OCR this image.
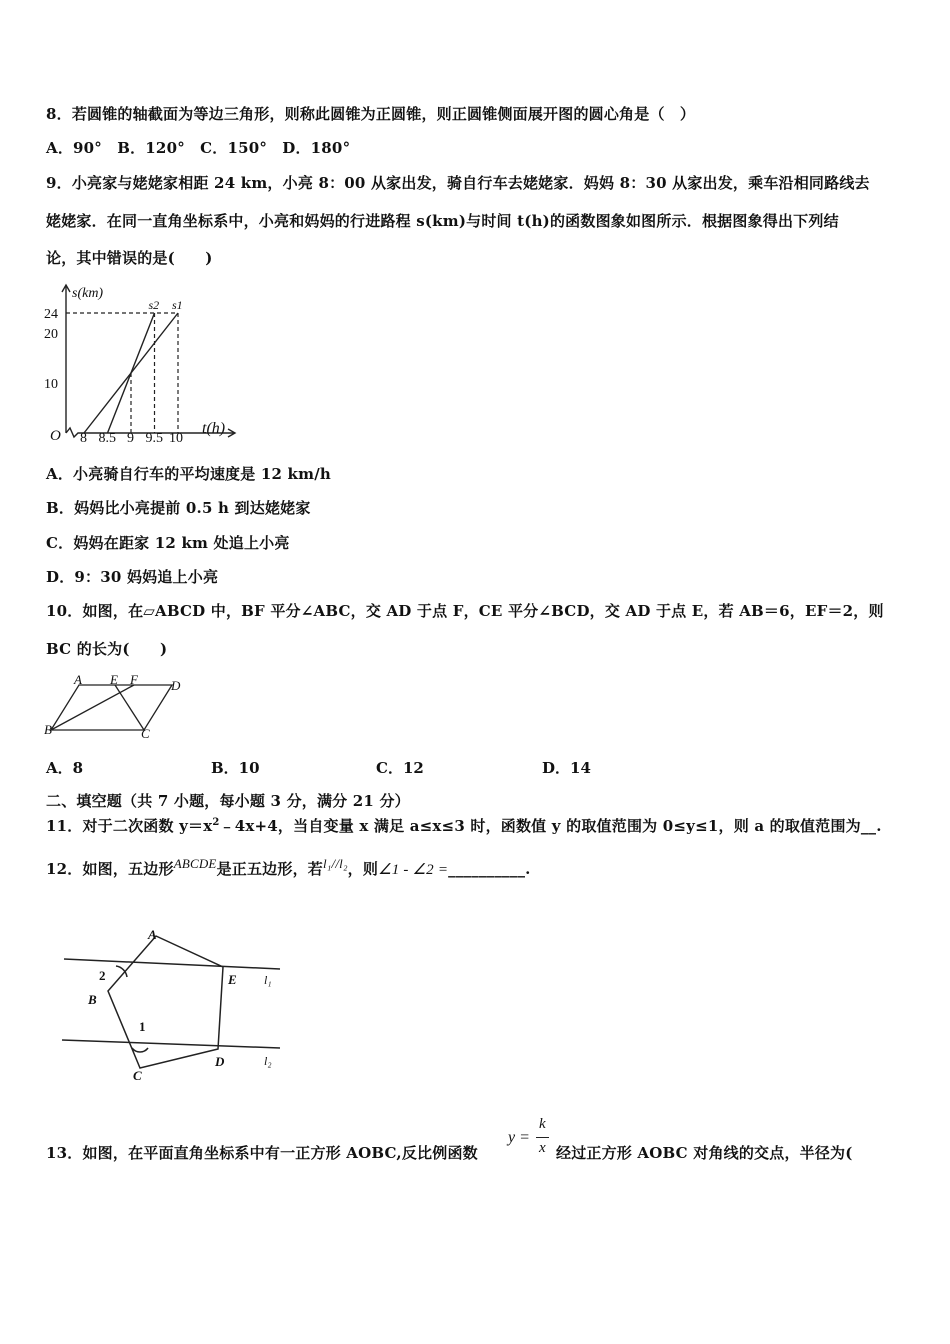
8．若圆锥的轴截面为等边三角形，则称此圆锥为正圆锥，则正圆锥侧面展开图的圆心角是（　）
A．90°　B．120°　C．150°　D．180°
9．小亮家与姥姥家相距 24 km，小亮 8：00 从家出发，骑自行车去姥姥家．妈妈 8：30 从家出发，乘车沿相同路线去
姥姥家．在同一直角坐标系中，小亮和妈妈的行进路程 s(km)与时间 t(h)的函数图象如图所示．根据图象得出下列结
论，其中错误的是(　　)
s1
s2
8 8.5 9 9.5 10
10
20
24
s(km)
t(h)
O
A．小亮骑自行车的平均速度是 12 km/h
B．妈妈比小亮提前 0.5 h 到达姥姥家
C．妈妈在距家 12 km 处追上小亮
D．9：30 妈妈追上小亮
10．如图，在▱ABCD 中，BF 平分∠ABC，交 AD 于点 F，CE 平分∠BCD，交 AD 于点 E，若 AB＝6，EF＝2，则
BC 的长为(　　)
A E F	D
B	C
A．8	B．10	C．12	D．14
二、填空题（共 7 小题，每小题 3 分，满分 21 分）
11．对于二次函数 $y=x^2﹣4x+4$，当自变量 x 满足 a≤x≤3 时，函数值 y 的取值范围为 0≤y≤1，则 a 的取值范围为__.
12．如图，五边形ABCDE是正五边形，若l₁//l₂，则∠1 - ∠2 =__________.
A
E
B
C
D
2
1
l₁
l₂
13．如图，在平面直角坐标系中有一正方形 AOBC,反比例函数
y =
k
x 经过正方形 AOBC 对角线的交点，半径为(
